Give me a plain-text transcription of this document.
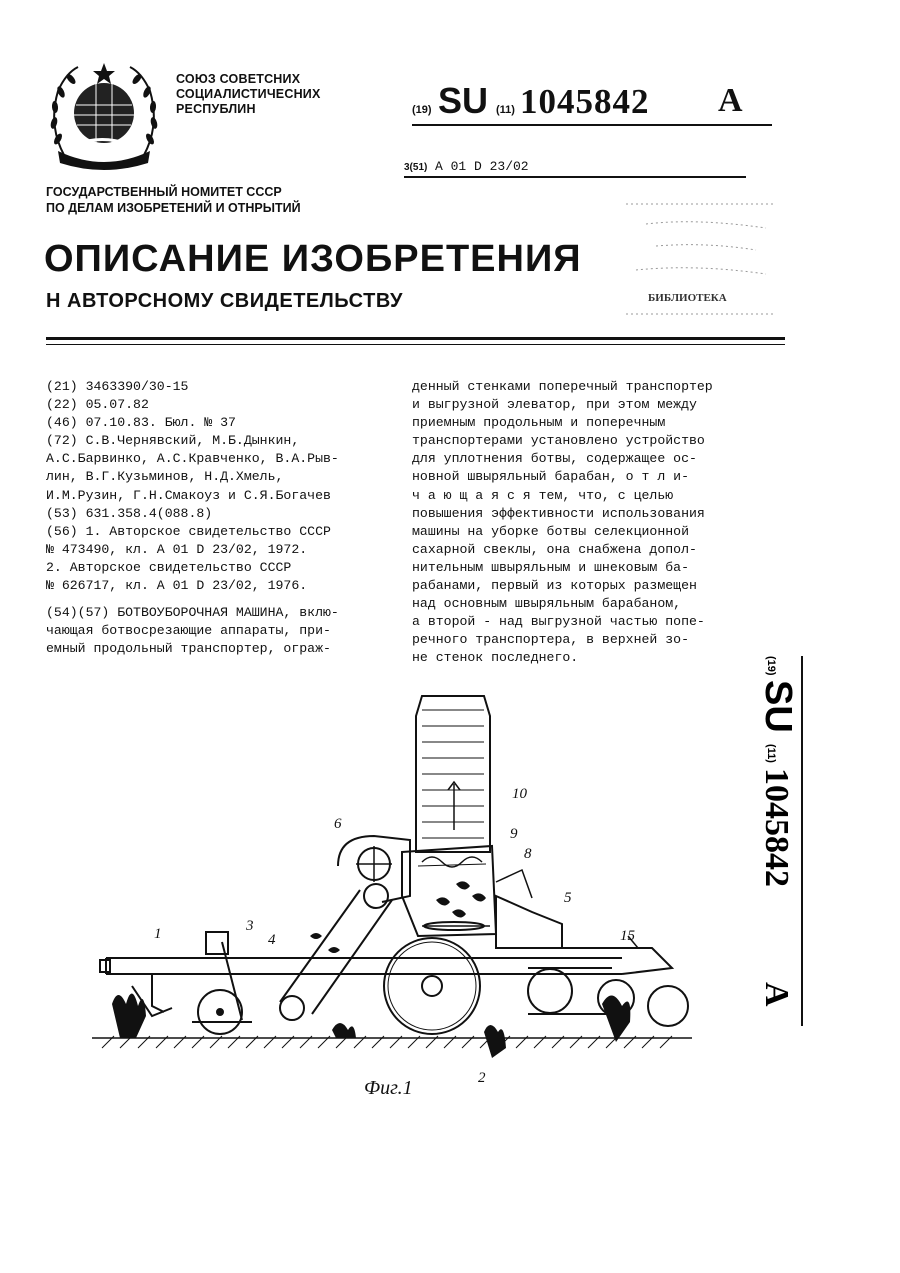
СОЮЗ СОВЕТСНИХ
СОЦИАЛИСТИЧЕСНИХ
РЕСПУБЛИН	(19) SU (11) 1045842 A
3(51) A 01 D 23/02
ГОСУДАРСТВЕННЫЙ НОМИТЕТ СССР
ПО ДЕЛАМ ИЗОБРЕТЕНИЙ И ОТНРЫТИЙ
ОПИСАНИЕ ИЗОБРЕТЕНИЯ
Н АВТОРСНОМУ СВИДЕТЕЛЬСТВУ	БИБЛИОТЕКА
(21) 3463390/30-15
(22) 05.07.82
(46) 07.10.83. Бюл. № 37
(72) С.В.Чернявский, М.Б.Дынкин,
А.С.Барвинко, А.С.Кравченко, В.А.Рыв-
лин, В.Г.Кузьминов, Н.Д.Хмель,
И.М.Рузин, Г.Н.Смакоуз и С.Я.Богачев
(53) 631.358.4(088.8)
(56) 1. Авторское свидетельство СССР
№ 473490, кл. А 01 D 23/02, 1972.
2. Авторское свидетельство СССР
№ 626717, кл. А 01 D 23/02, 1976.
(54)(57) БОТВОУБОРОЧНАЯ МАШИНА, вклю-
чающая ботвосрезающие аппараты, при-
емный продольный транспортер, ограж-
денный стенками поперечный транспортер
и выгрузной элеватор, при этом между
приемным продольным и поперечным
транспортерами установлено устройство
для уплотнения ботвы, содержащее ос-
новной швыряльный барабан, о т л и-
ч а ю щ а я с я тем, что, с целью
повышения эффективности использования
машины на уборке ботвы селекционной
сахарной свеклы, она снабжена допол-
нительным швыряльным и шнековым ба-
рабанами, первый из которых размещен
над основным швыряльным барабаном,
а второй - над выгрузной частью попе-
речного транспортера, в верхней зо-
не стенок последнего.	(19)
SU
(11)
1045842
A
1
2
3
4
5
6
8
9
10
15
Фиг.1
